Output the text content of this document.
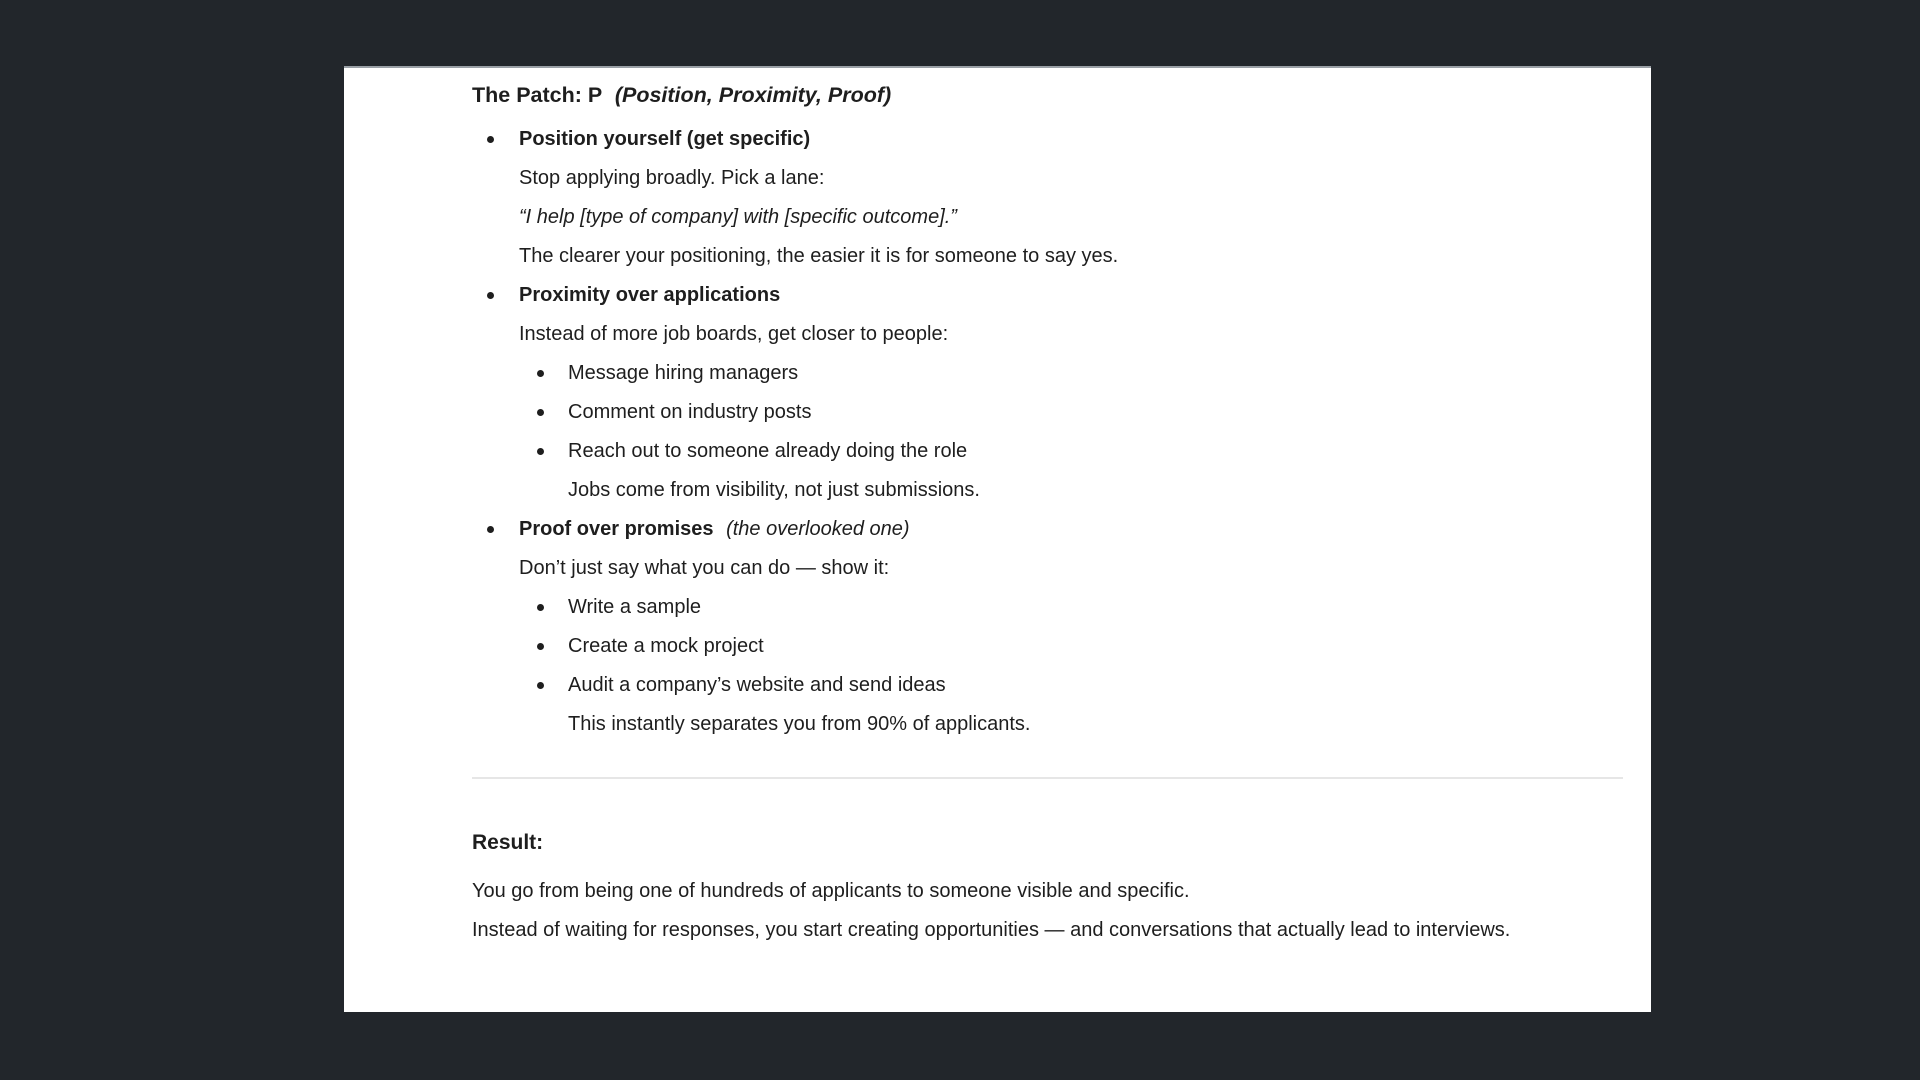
The Patch: P (Position, Proximity, Proof)
Position yourself (get specific)
Stop applying broadly. Pick a lane:
“I help [type of company] with [specific outcome].”
The clearer your positioning, the easier it is for someone to say yes.
Proximity over applications
Instead of more job boards, get closer to people:
Message hiring managers
Comment on industry posts
Reach out to someone already doing the role
Jobs come from visibility, not just submissions.
Proof over promises (the overlooked one)
Don’t just say what you can do — show it:
Write a sample
Create a mock project
Audit a company’s website and send ideas
This instantly separates you from 90% of applicants.
Result:

You go from being one of hundreds of applicants to someone visible and specific.

Instead of waiting for responses, you start creating opportunities — and conversations that actually lead to interviews.
